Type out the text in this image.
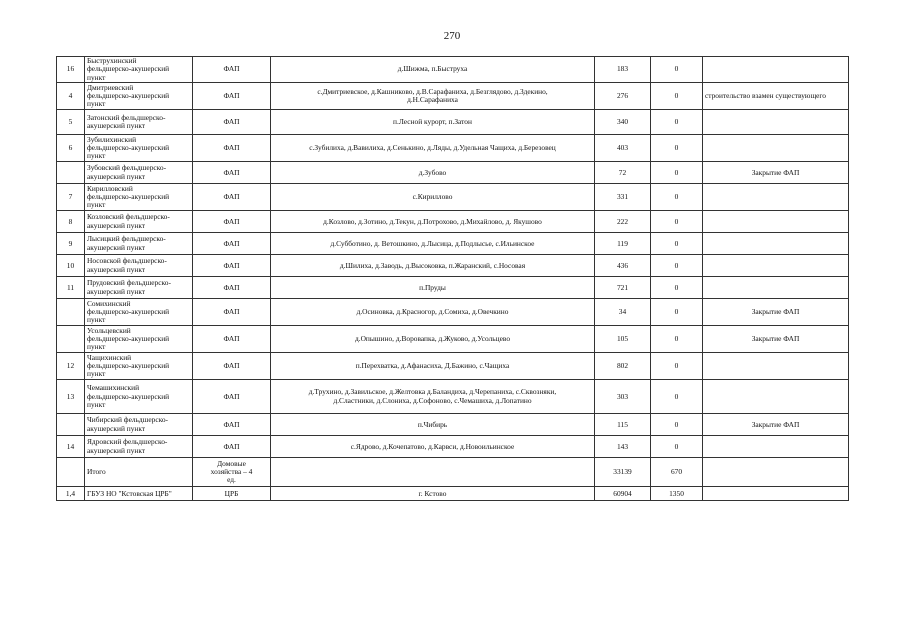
270
16	Быструхинский
фельдшерско-акушерский
пункт	ФАП	д.Шижма, п.Быструха	183	0	
4	Дмитриевский
фельдшерско-акушерский
пункт	ФАП	с.Дмитриевское, д.Кашниково, д.В.Сарафаниха, д.Безглядово, д.Здекино,
д.Н.Сарафаниха	276	0	строительство взамен существующего
5	Затонский фельдшерско-
акушерский пункт	ФАП	п.Лесной курорт, п.Затон	340	0	
6	Зубилихинский
фельдшерско-акушерский
пункт	ФАП	с.Зубилиха, д.Вавилиха, д.Сенькино, д.Ляды, д.Удельная Чащиха, д.Березовец	403	0	
	Зубовский фельдшерско-
акушерский пункт	ФАП	д.Зубово	72	0	Закрытие ФАП
7	Кирилловский
фельдшерско-акушерский
пункт	ФАП	с.Кириллово	331	0	
8	Козловский фельдшерско-
акушерский пункт	ФАП	д.Козлово, д.Зотино, д.Текун, д.Потрохово, д.Михайлово, д. Якушово	222	0	
9	Лысицкий фельдшерско-
акушерский пункт	ФАП	д.Субботино, д. Ветошкино, д.Лысица, д.Подлысье, с.Ильинское	119	0	
10	Носовской фельдшерско-
акушерский пункт	ФАП	д.Шилиха, д.Заводь, д.Высоковка, п.Жаранский, с.Носовая	436	0	
11	Прудовский фельдшерско-
акушерский пункт	ФАП	п.Пруды	721	0	
	Сомихинский
фельдшерско-акушерский
пункт	ФАП	д.Осиновка, д.Красногор, д.Сомиха, д.Овечкино	34	0	Закрытие ФАП
	Усольцевский
фельдшерско-акушерский
пункт	ФАП	д.Опышино, д.Воровапка, д.Жуково, д.Усольцево	105	0	Закрытие ФАП
12	Чащихинский
фельдшерско-акушерский
пункт	ФАП	п.Перехватка, д.Афанасиха, Д.Бажино, с.Чащиха	802	0	
13	Чемашихинский
фельдшерско-акушерский
пункт	ФАП	д.Трухино, д.Завильское, д.Желтовка д.Баландиха, д.Черепаниха, с.Сквозняки,
д.Сластники, д.Слониха, д.Софоново, с.Чемашиха, д.Лопатино	303	0	
	Чибирский фельдшерско-
акушерский пункт	ФАП	п.Чибирь	115	0	Закрытие ФАП
14	Ядровский фельдшерско-
акушерский пункт	ФАП	с.Ядрово, д.Кочепатово, д.Карвси, д.Новоильинское	143	0	
	Итого	Домовые
хозяйства – 4
ед.		33139	670	
1,4	ГБУЗ НО "Кстовская ЦРБ"	ЦРБ	г. Кстово	60904	1350	
